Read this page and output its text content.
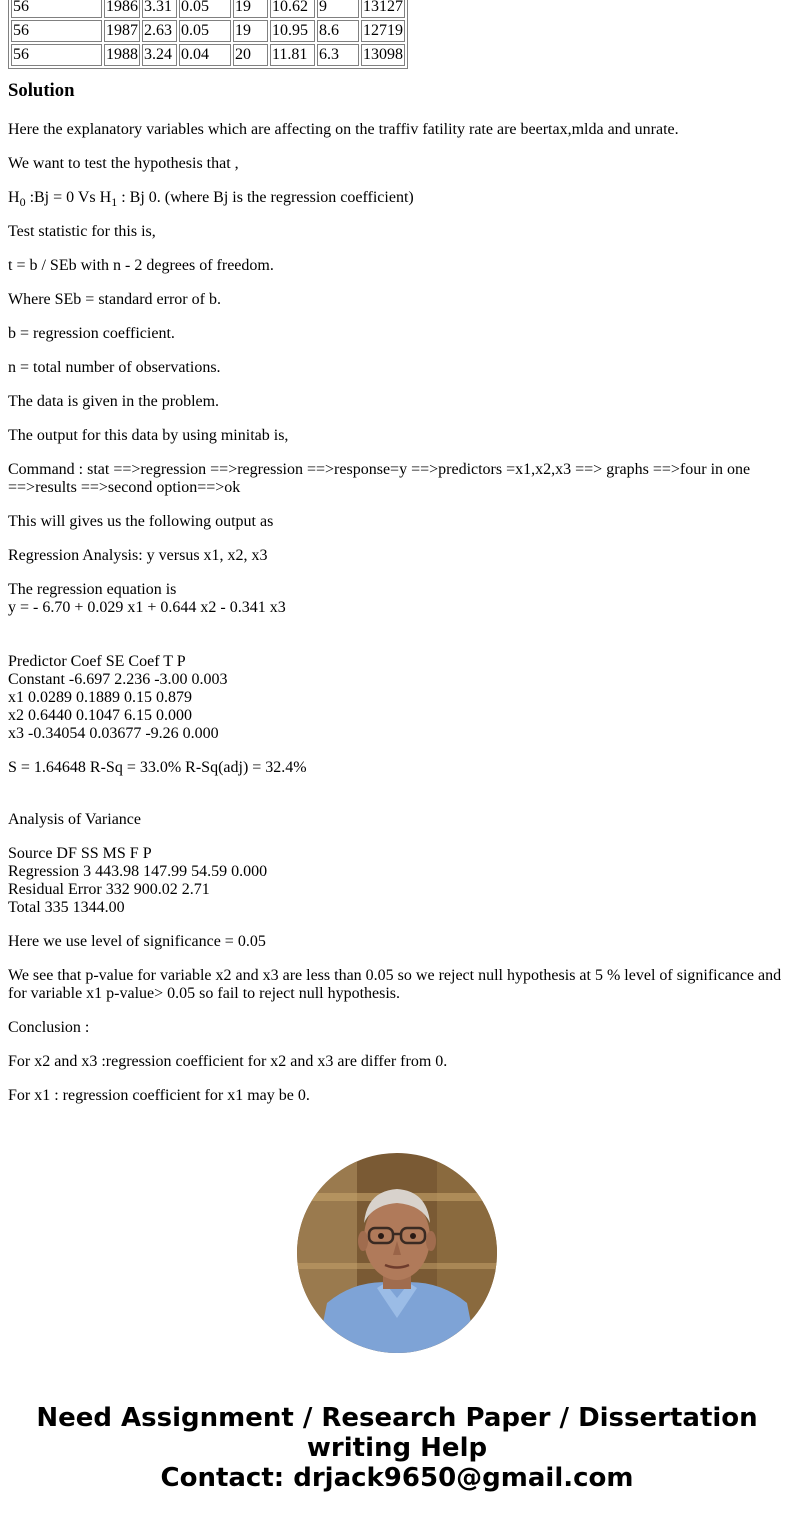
56	1986	3.31	0.05	19	10.62	9	13127
56	1987	2.63	0.05	19	10.95	8.6	12719
56	1988	3.24	0.04	20	11.81	6.3	13098
Solution

Here the explanatory variables which are affecting on the traffiv fatility rate are beertax,mlda and unrate.

We want to test the hypothesis that ,

$H_0$ :Bj = 0 Vs $H_1$ : Bj 0. (where Bj is the regression coefficient)

Test statistic for this is,

t = b / SEb with n - 2 degrees of freedom.

Where SEb = standard error of b.

b = regression coefficient.

n = total number of observations.

The data is given in the problem.

The output for this data by using minitab is,

Command : stat ==>regression ==>regression ==>response=y ==>predictors =x1,x2,x3 ==> graphs ==>four in one
==>results ==>second option==>ok

This will gives us the following output as

Regression Analysis: y versus x1, x2, x3

The regression equation is
y = - 6.70 + 0.029 x1 + 0.644 x2 - 0.341 x3
Predictor Coef SE Coef T P
Constant -6.697 2.236 -3.00 0.003
x1 0.0289 0.1889 0.15 0.879
x2 0.6440 0.1047 6.15 0.000
x3 -0.34054 0.03677 -9.26 0.000

S = 1.64648 R-Sq = 33.0% R-Sq(adj) = 32.4%

Analysis of Variance

Source DF SS MS F P
Regression 3 443.98 147.99 54.59 0.000
Residual Error 332 900.02 2.71
Total 335 1344.00

Here we use level of significance = 0.05

We see that p-value for variable x2 and x3 are less than 0.05 so we reject null hypothesis at 5 % level of significance and
for variable x1 p-value> 0.05 so fail to reject null hypothesis.

Conclusion :

For x2 and x3 :regression coefficient for x2 and x3 are differ from 0.

For x1 : regression coefficient for x1 may be 0.

Need Assignment / Research Paper / Dissertation
writing Help
Contact: drjack9650@gmail.com
